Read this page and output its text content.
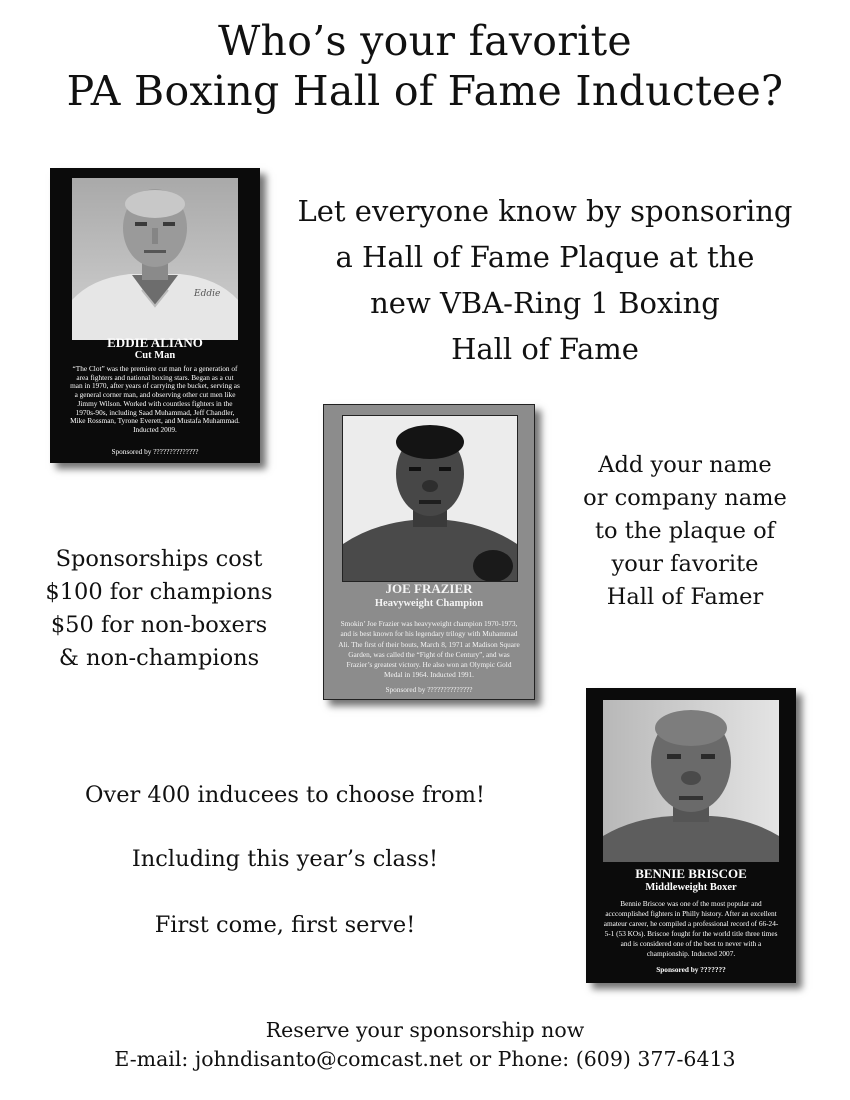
Who’s your favorite
PA Boxing Hall of Fame Inductee?
Let everyone know by sponsoring
a Hall of Fame Plaque at the
new VBA-Ring 1 Boxing
Hall of Fame
Add your name
or company name
to the plaque of
your favorite
Hall of Famer
Sponsorships cost
$100 for champions
$50 for non-boxers
& non-champions
Over 400 inducees to choose from!
Including this year’s class!
First come, first serve!
Reserve your sponsorship now
E-mail: johndisanto@comcast.net or Phone: (609) 377-6413
Eddie
EDDIE ALIANO
Cut Man
“The Clot” was the premiere cut man for a generation of area fighters and national boxing stars. Began as a cut man in 1970, after years of carrying the bucket, serving as a general corner man, and observing other cut men like Jimmy Wilson. Worked with countless fighters in the 1970s-90s, including Saad Muhammad, Jeff Chandler, Mike Rossman, Tyrone Everett, and Mustafa Muhammad. Inducted 2009.
Sponsored by ??????????????
JOE FRAZIER
Heavyweight Champion
Smokin’ Joe Frazier was heavyweight champion 1970-1973, and is best known for his legendary trilogy with Muhammad Ali. The first of their bouts, March 8, 1971 at Madison Square Garden, was called the “Fight of the Century”, and was Frazier’s greatest victory. He also won an Olympic Gold Medal in 1964. Inducted 1991.
Sponsored by ??????????????
BENNIE BRISCOE
Middleweight Boxer
Bennie Briscoe was one of the most popular and acccomplished fighters in Philly history. After an excellent amateur career, he compiled a professional record of 66-24-5-1 (53 KOs). Briscoe fought for the world title three times and is considered one of the best to never with a championship. Inducted 2007.
Sponsored by ???????
